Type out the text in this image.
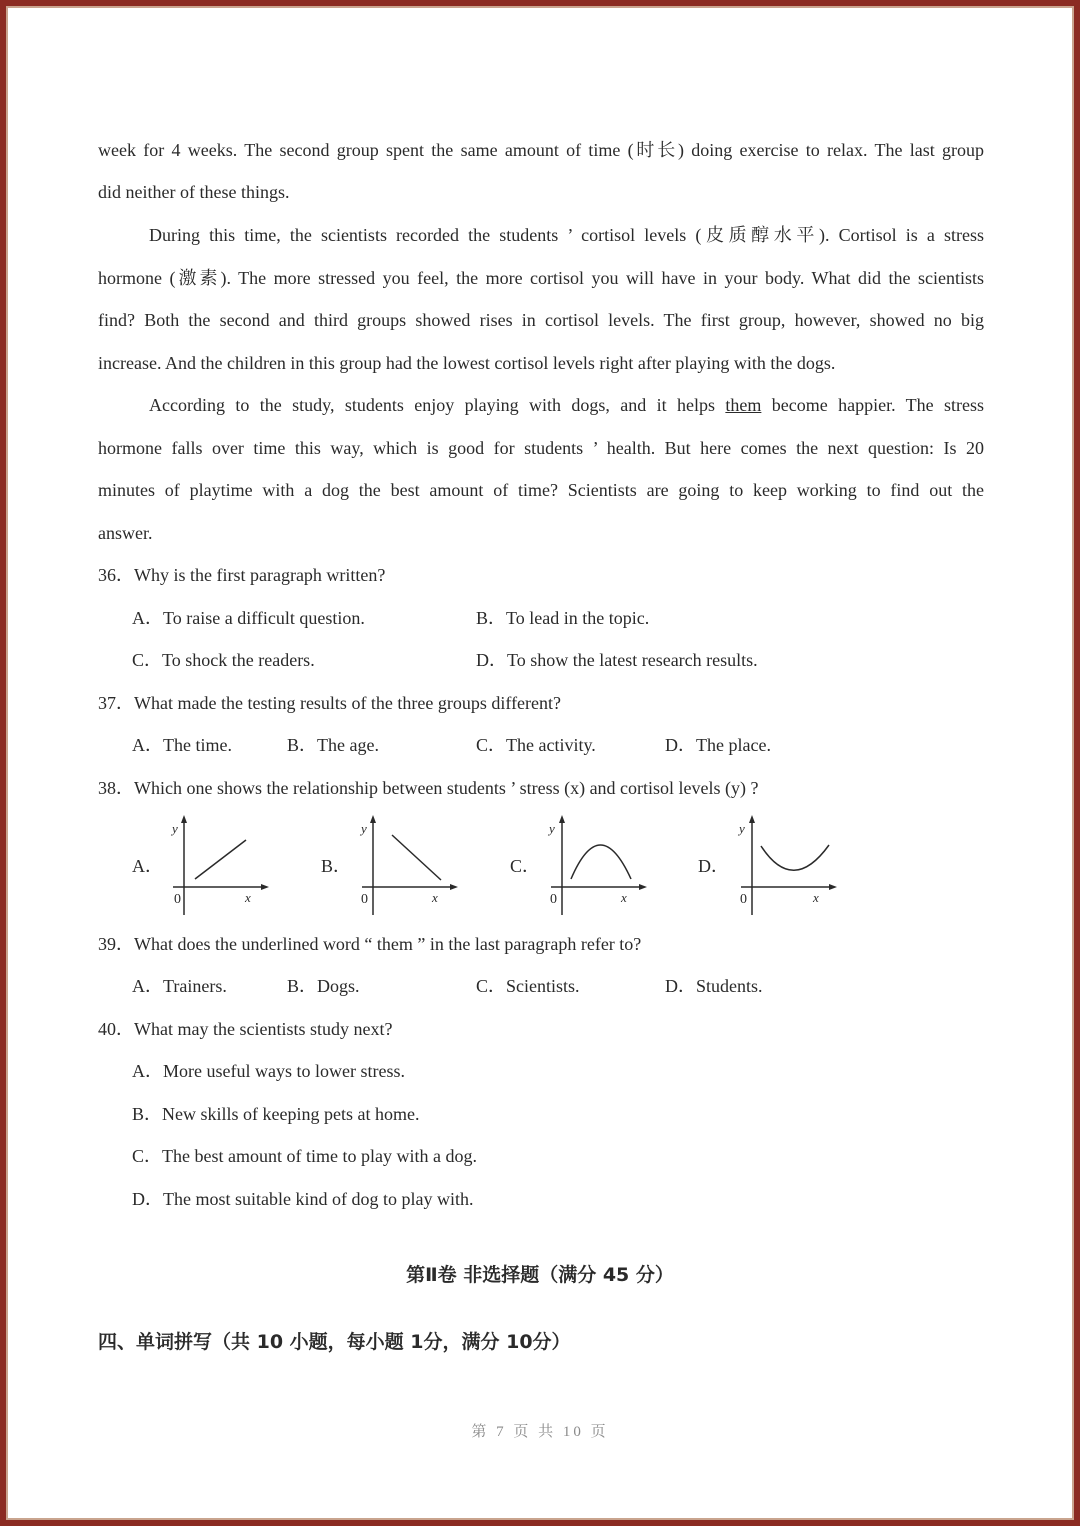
week for 4 weeks. The second group spent the same amount of time (时长) doing exercise to relax. The last group
did neither of these things.
During this time, the scientists recorded the students ’ cortisol levels (皮质醇水平). Cortisol is a stress
hormone (激素). The more stressed you feel, the more cortisol you will have in your body. What did the scientists
find? Both the second and third groups showed rises in cortisol levels. The first group, however, showed no big
increase. And the children in this group had the lowest cortisol levels right after playing with the dogs.
According to the study, students enjoy playing with dogs, and it helps them become happier. The stress
hormone falls over time this way, which is good for students ’ health. But here comes the next question: Is 20
minutes of playtime with a dog the best amount of time? Scientists are going to keep working to find out the
answer.
36．Why is the first paragraph written?
A．To raise a difficult question.	B．To lead in the topic.
C．To shock the readers.	D．To show the latest research results.
37．What made the testing results of the three groups different?
A．The time.	B．The age.	C．The activity.	D．The place.
38．Which one shows the relationship between students ’ stress (x) and cortisol levels (y) ?
A．
y
x
0
B．
y
x
0
C．
y
x
0
D．
y
x
0
39．What does the underlined word “ them ” in the last paragraph refer to?
A．Trainers.	B．Dogs.	C．Scientists.	D．Students.
40．What may the scientists study next?
A．More useful ways to lower stress.
B．New skills of keeping pets at home.
C．The best amount of time to play with a dog.
D．The most suitable kind of dog to play with.
第Ⅱ卷 非选择题（满分 45 分）
四、单词拼写（共 10 小题，每小题 1分，满分 10分）
第 7 页 共 10 页
